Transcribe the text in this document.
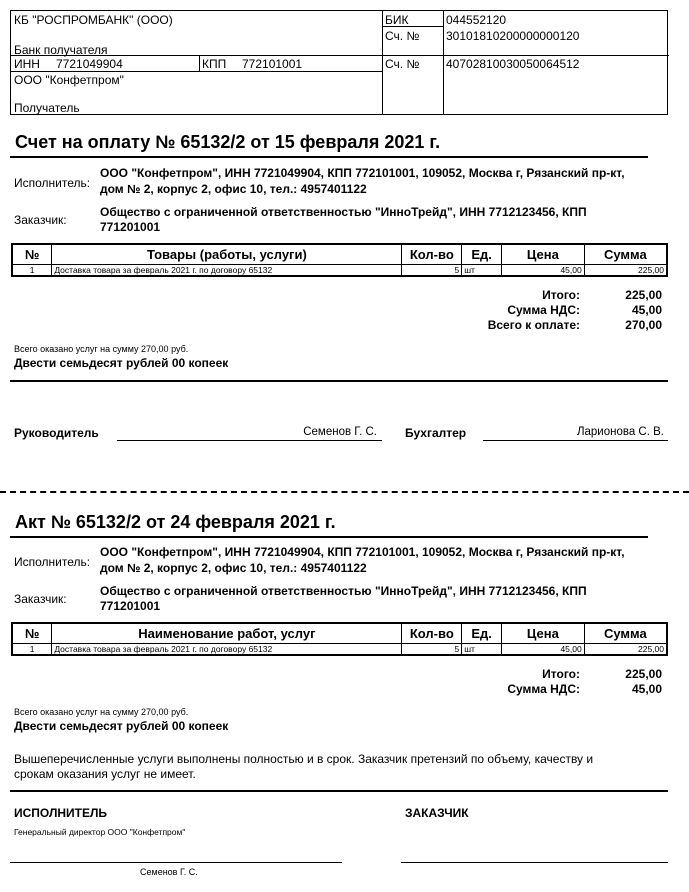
КБ "РОСПРОМБАНК" (ООО)
Банк получателя
БИК	044552120
Сч. № 30101810200000000120
ИНН 7721049904	КПП 772101001	Сч. № 40702810030050064512
ООО "Конфетпром"
Получатель
Счет на оплату № 65132/2 от 15 февраля 2021 г.
Исполнитель:
ООО "Конфетпром", ИНН 7721049904, КПП 772101001, 109052, Москва г, Рязанский пр-кт,
дом № 2, корпус 2, офис 10, тел.: 4957401122
Заказчик:
Общество с ограниченной ответственностью "ИнноТрейд", ИНН 7712123456, КПП
771201001
№	Товары (работы, услуги)	Кол-во	Ед.	Цена	Сумма
1	Доставка товара за февраль 2021 г. по договору 65132	5	шт	45,00	225,00
Итого:	225,00
Сумма НДС:	45,00
Всего к оплате:	270,00
Всего оказано услуг на сумму 270,00 руб.
Двести семьдесят рублей 00 копеек
Руководитель	Семенов Г. С. Бухгалтер	Ларионова С. В.
Акт № 65132/2 от 24 февраля 2021 г.
Исполнитель:
ООО "Конфетпром", ИНН 7721049904, КПП 772101001, 109052, Москва г, Рязанский пр-кт,
дом № 2, корпус 2, офис 10, тел.: 4957401122
Заказчик:
Общество с ограниченной ответственностью "ИнноТрейд", ИНН 7712123456, КПП
771201001
№	Наименование работ, услуг	Кол-во	Ед.	Цена	Сумма
1	Доставка товара за февраль 2021 г. по договору 65132	5	шт	45,00	225,00
Итого:	225,00
Сумма НДС:	45,00
Всего оказано услуг на сумму 270,00 руб.
Двести семьдесят рублей 00 копеек
Вышеперечисленные услуги выполнены полностью и в срок. Заказчик претензий по объему, качеству и
срокам оказания услуг не имеет.
ИСПОЛНИТЕЛЬ
Генеральный директор ООО "Конфетпром"
Семенов Г. С.
ЗАКАЗЧИК
